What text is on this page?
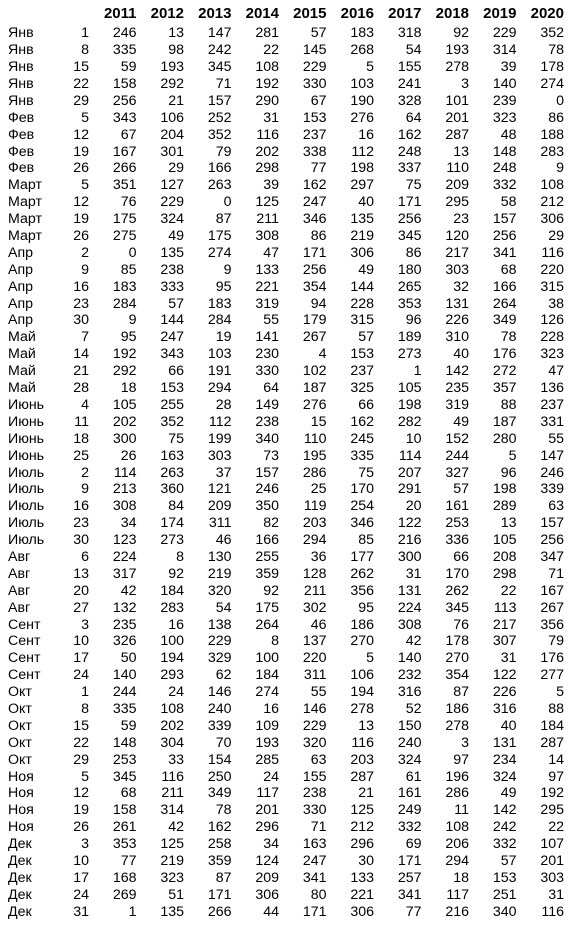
		2011	2012	2013	2014	2015	2016	2017	2018	2019	2020
Янв	1	246	13	147	281	57	183	318	92	229	352
Янв	8	335	98	242	22	145	268	54	193	314	78
Янв	15	59	193	345	108	229	5	155	278	39	178
Янв	22	158	292	71	192	330	103	241	3	140	274
Янв	29	256	21	157	290	67	190	328	101	239	0
Фев	5	343	106	252	31	153	276	64	201	323	86
Фев	12	67	204	352	116	237	16	162	287	48	188
Фев	19	167	301	79	202	338	112	248	13	148	283
Фев	26	266	29	166	298	77	198	337	110	248	9
Март	5	351	127	263	39	162	297	75	209	332	108
Март	12	76	229	0	125	247	40	171	295	58	212
Март	19	175	324	87	211	346	135	256	23	157	306
Март	26	275	49	175	308	86	219	345	120	256	29
Апр	2	0	135	274	47	171	306	86	217	341	116
Апр	9	85	238	9	133	256	49	180	303	68	220
Апр	16	183	333	95	221	354	144	265	32	166	315
Апр	23	284	57	183	319	94	228	353	131	264	38
Апр	30	9	144	284	55	179	315	96	226	349	126
Май	7	95	247	19	141	267	57	189	310	78	228
Май	14	192	343	103	230	4	153	273	40	176	323
Май	21	292	66	191	330	102	237	1	142	272	47
Май	28	18	153	294	64	187	325	105	235	357	136
Июнь	4	105	255	28	149	276	66	198	319	88	237
Июнь	11	202	352	112	238	15	162	282	49	187	331
Июнь	18	300	75	199	340	110	245	10	152	280	55
Июнь	25	26	163	303	73	195	335	114	244	5	147
Июль	2	114	263	37	157	286	75	207	327	96	246
Июль	9	213	360	121	246	25	170	291	57	198	339
Июль	16	308	84	209	350	119	254	20	161	289	63
Июль	23	34	174	311	82	203	346	122	253	13	157
Июль	30	123	273	46	166	294	85	216	336	105	256
Авг	6	224	8	130	255	36	177	300	66	208	347
Авг	13	317	92	219	359	128	262	31	170	298	71
Авг	20	42	184	320	92	211	356	131	262	22	167
Авг	27	132	283	54	175	302	95	224	345	113	267
Сент	3	235	16	138	264	46	186	308	76	217	356
Сент	10	326	100	229	8	137	270	42	178	307	79
Сент	17	50	194	329	100	220	5	140	270	31	176
Сент	24	140	293	62	184	311	106	232	354	122	277
Окт	1	244	24	146	274	55	194	316	87	226	5
Окт	8	335	108	240	16	146	278	52	186	316	88
Окт	15	59	202	339	109	229	13	150	278	40	184
Окт	22	148	304	70	193	320	116	240	3	131	287
Окт	29	253	33	154	285	63	203	324	97	234	14
Ноя	5	345	116	250	24	155	287	61	196	324	97
Ноя	12	68	211	349	117	238	21	161	286	49	192
Ноя	19	158	314	78	201	330	125	249	11	142	295
Ноя	26	261	42	162	296	71	212	332	108	242	22
Дек	3	353	125	258	34	163	296	69	206	332	107
Дек	10	77	219	359	124	247	30	171	294	57	201
Дек	17	168	323	87	209	341	133	257	18	153	303
Дек	24	269	51	171	306	80	221	341	117	251	31
Дек	31	1	135	266	44	171	306	77	216	340	116
